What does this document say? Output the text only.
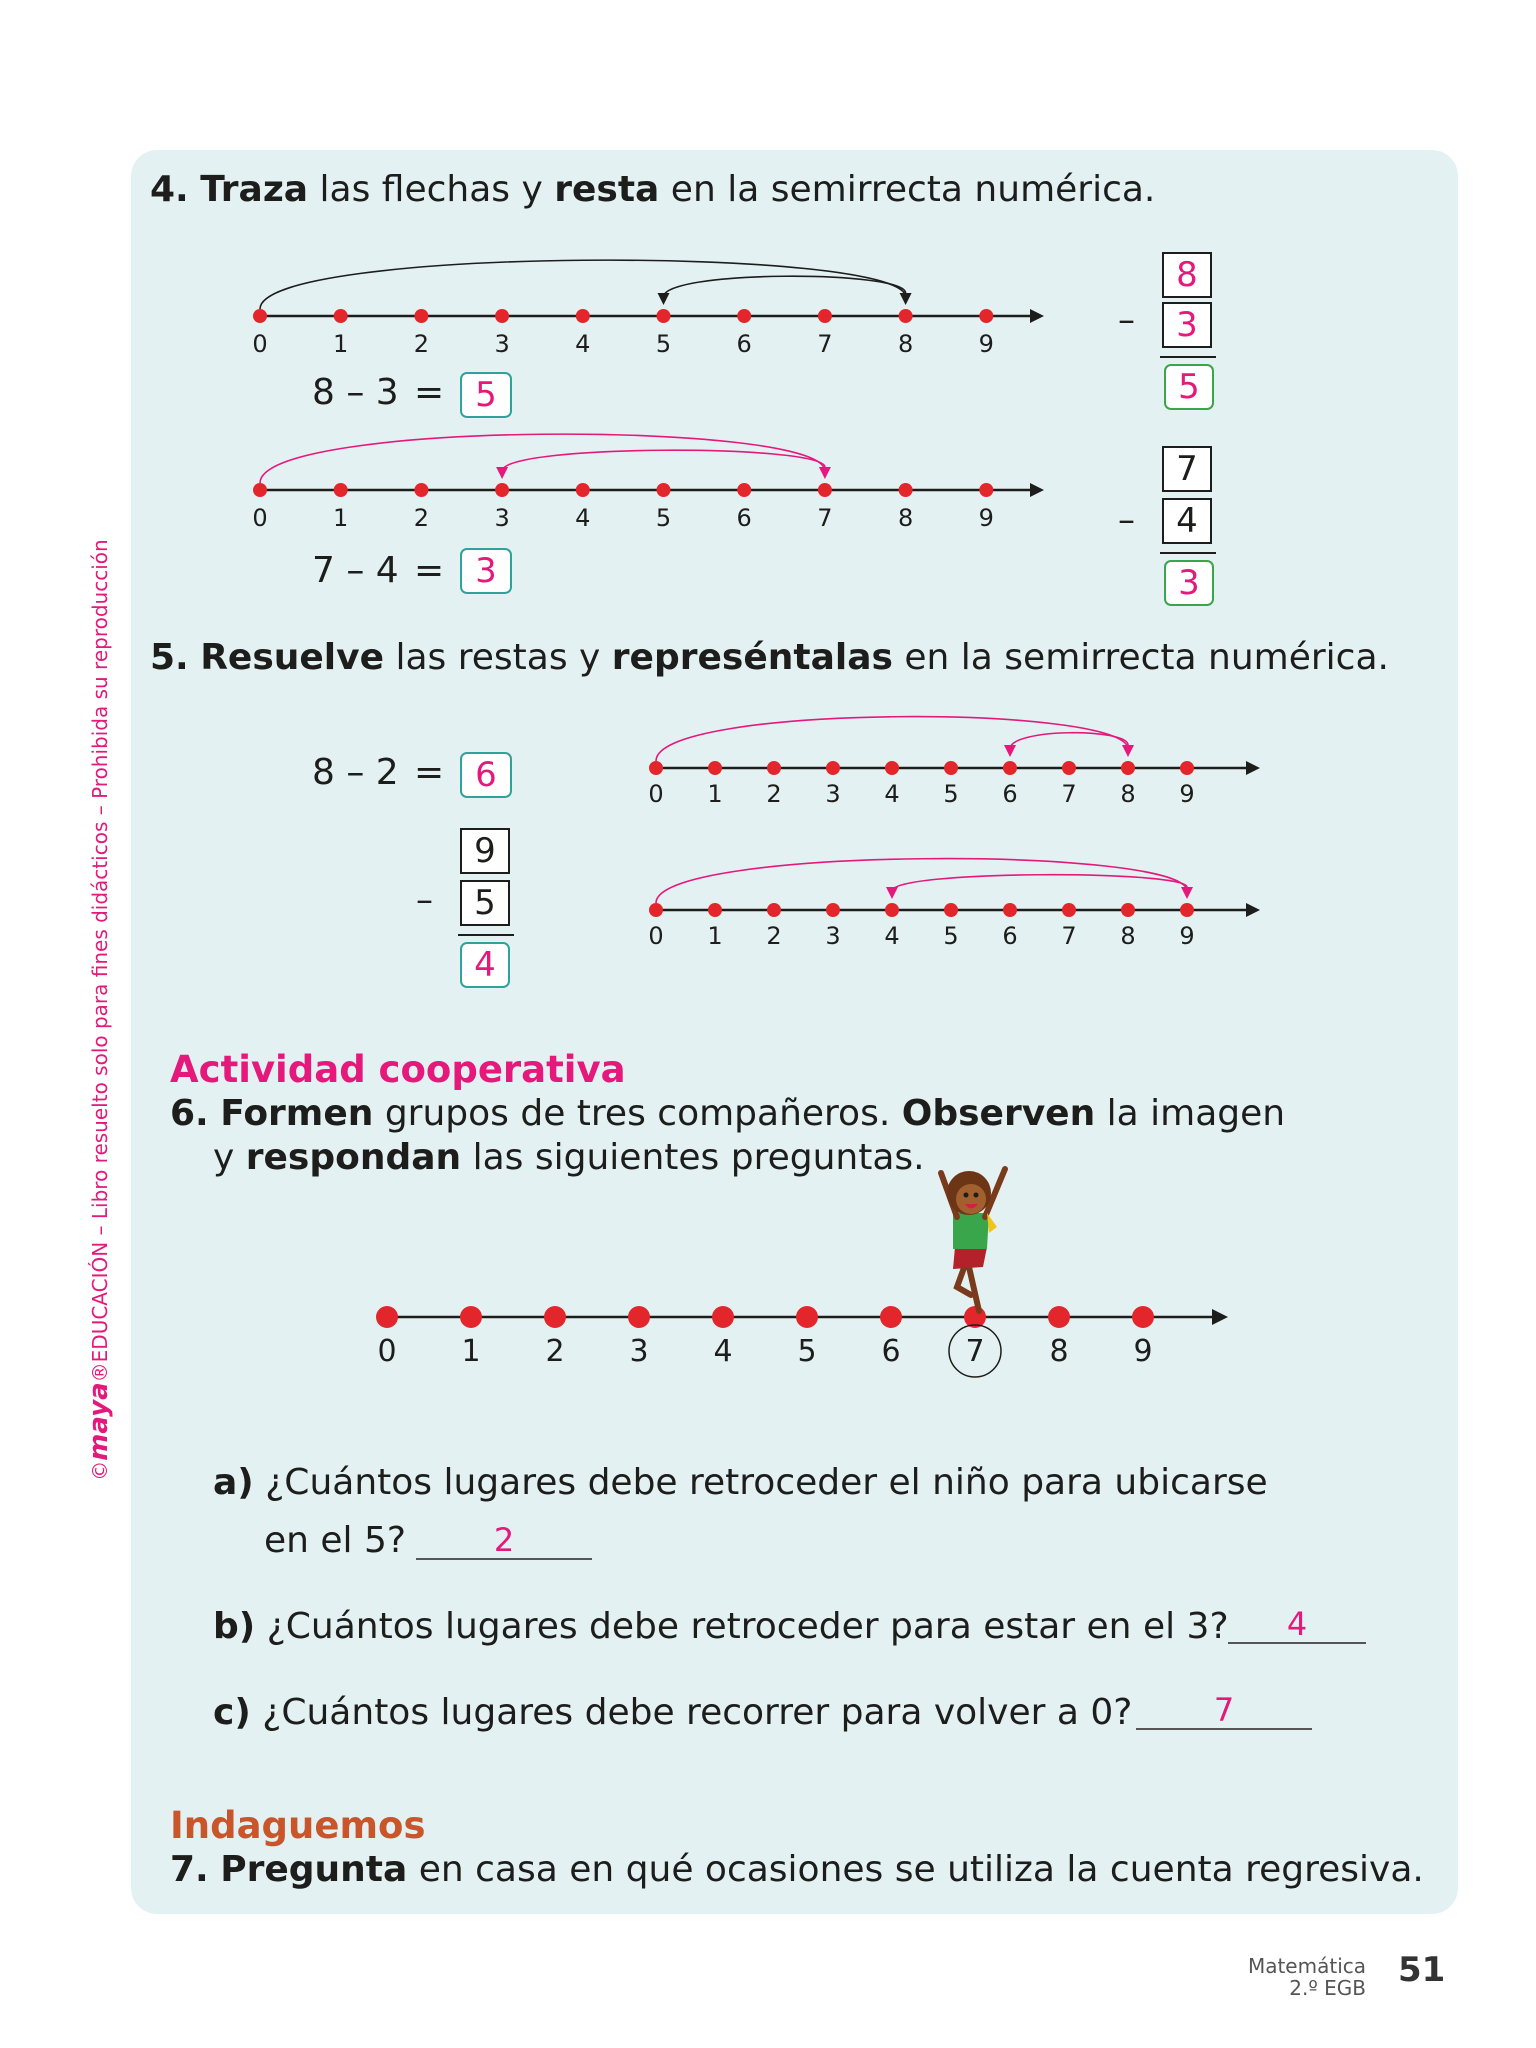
©maya®EDUCACIÓN – Libro resuelto solo para fines didácticos – Prohibida su reproducción
4. Traza las flechas y resta en la semirrecta numérica.
0	1	2	3	4	5	6	7	8	9
8 – 3 = 5
8
–	3
5
0	1	2	3	4	5	6	7	8	9
7 – 4 = 3
7
–	4
3
5. Resuelve las restas y represéntalas en la semirrecta numérica.
8 – 2 = 6
9
–	5
4
0 1 2 3 4 5 6 7 8 9
0 1 2 3 4 5 6 7 8 9
Actividad cooperativa
6. Formen grupos de tres compañeros. Observen la imagen
y respondan las siguientes preguntas.
0 1 2 3 4 5 6 7 8 9
a) ¿Cuántos lugares debe retroceder el niño para ubicarse
en el 5?	2
b) ¿Cuántos lugares debe retroceder para estar en el 3?	4
c) ¿Cuántos lugares debe recorrer para volver a 0?	7
Indaguemos
7. Pregunta en casa en qué ocasiones se utiliza la cuenta regresiva.
Matemática
2.º EGB 51
